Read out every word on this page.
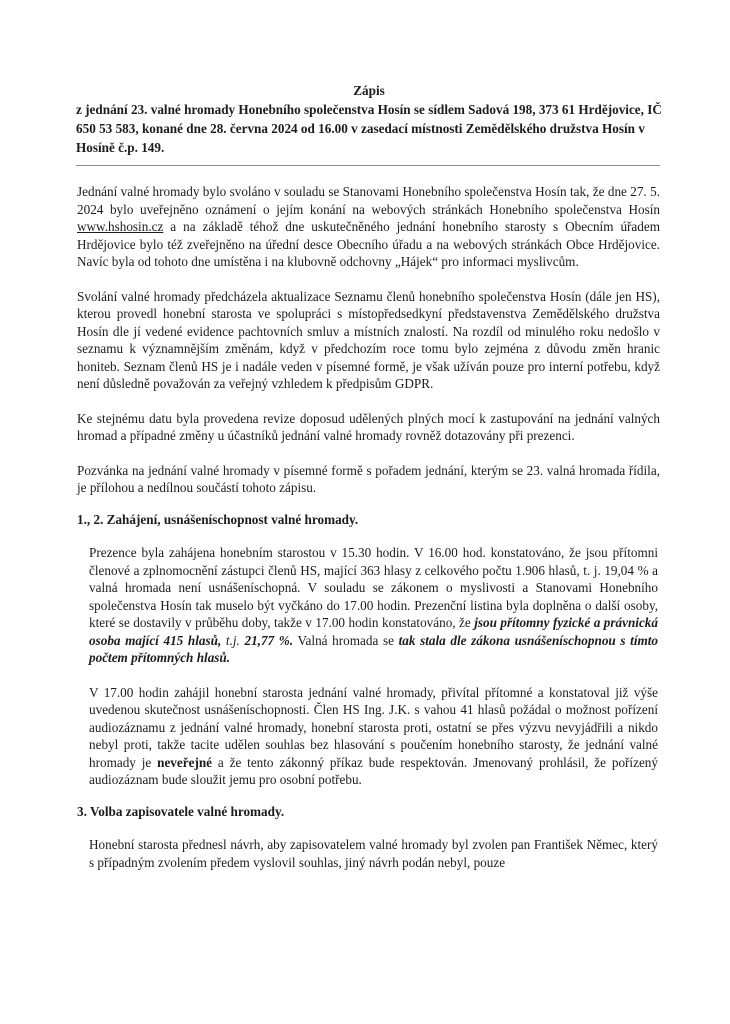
Zápis
z jednání 23. valné hromady Honebního společenstva Hosín se sídlem Sadová 198, 373 61 Hrdějovice, IČ 650 53 583, konané dne 28. června 2024 od 16.00 v zasedací místnosti Zemědělského družstva Hosín v Hosíně č.p. 149.

Jednání valné hromady bylo svoláno v souladu se Stanovami Honebního společenstva Hosín tak, že dne 27. 5. 2024 bylo uveřejněno oznámení o jejím konání na webových stránkách Honebního společenstva Hosín www.hshosin.cz a na základě téhož dne uskutečněného jednání honebního starosty s Obecním úřadem Hrdějovice bylo též zveřejněno na úřední desce Obecního úřadu a na webových stránkách Obce Hrdějovice. Navíc byla od tohoto dne umístěna i na klubovně odchovny „Hájek“ pro informaci myslivcům.

Svolání valné hromady předcházela aktualizace Seznamu členů honebního společenstva Hosín (dále jen HS), kterou provedl honební starosta ve spolupráci s místopředsedkyní představenstva Zemědělského družstva Hosín dle jí vedené evidence pachtovních smluv a místních znalostí. Na rozdíl od minulého roku nedošlo v seznamu k významnějším změnám, když v předchozím roce tomu bylo zejména z důvodu změn hranic honiteb. Seznam členů HS je i nadále veden v písemné formě, je však užíván pouze pro interní potřebu, když není důsledně považován za veřejný vzhledem k předpisům GDPR.

Ke stejnému datu byla provedena revize doposud udělených plných mocí k zastupování na jednání valných hromad a případné změny u účastníků jednání valné hromady rovněž dotazovány při prezenci.

Pozvánka na jednání valné hromady v písemné formě s pořadem jednání, kterým se 23. valná hromada řídila, je přílohou a nedílnou součástí tohoto zápisu.

1., 2. Zahájení, usnášeníschopnost valné hromady.

Prezence byla zahájena honebním starostou v 15.30 hodin. V 16.00 hod. konstatováno, že jsou přítomni členové a zplnomocnění zástupci členů HS, mající 363 hlasy z celkového počtu 1.906 hlasů, t. j. 19,04 % a valná hromada není usnášeníschopná. V souladu se zákonem o myslivosti a Stanovami Honebního společenstva Hosín tak muselo být vyčkáno do 17.00 hodin. Prezenční listina byla doplněna o další osoby, které se dostavily v průběhu doby, takže v 17.00 hodin konstatováno, že jsou přítomny fyzické a právnická osoba mající 415 hlasů, t.j. 21,77 %. Valná hromada se tak stala dle zákona usnášeníschopnou s tímto počtem přítomných hlasů.

V 17.00 hodin zahájil honební starosta jednání valné hromady, přivítal přítomné a konstatoval již výše uvedenou skutečnost usnášeníschopnosti. Člen HS Ing. J.K. s vahou 41 hlasů požádal o možnost pořízení audiozáznamu z jednání valné hromady, honební starosta proti, ostatní se přes výzvu nevyjádřili a nikdo nebyl proti, takže tacite udělen souhlas bez hlasování s poučením honebního starosty, že jednání valné hromady je neveřejné a že tento zákonný příkaz bude respektován. Jmenovaný prohlásil, že pořízený audiozáznam bude sloužit jemu pro osobní potřebu.

3. Volba zapisovatele valné hromady.

Honební starosta přednesl návrh, aby zapisovatelem valné hromady byl zvolen pan František Němec, který s případným zvolením předem vyslovil souhlas, jiný návrh podán nebyl, pouze
